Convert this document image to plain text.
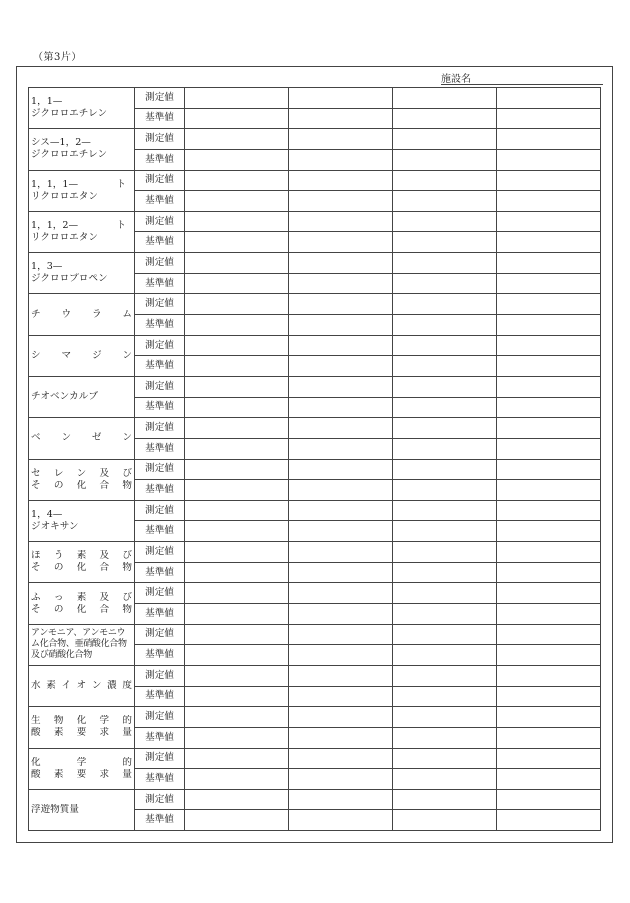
（第3片）
施設名
1，1—
ジクロロエチレン	測定値				
	基準値				

シス—1，2—
ジクロロエチレン	測定値				
	基準値				

1，1，1—　　　　ト
リクロロエタン	測定値				
	基準値				

1，1，2—　　　　ト
リクロロエタン	測定値				
	基準値				

1，3—
ジクロロプロペン	測定値				
	基準値				

チウラム	測定値				
	基準値				

シマジン	測定値				
	基準値				

チオベンカルブ	測定値				
	基準値				

ベンゼン	測定値				
	基準値				

セレン及び
その化合物	測定値				
	基準値				

1，4—
ジオキサン	測定値				
	基準値				

ほう素及び
その化合物	測定値				
	基準値				

ふっ素及び
その化合物	測定値				
	基準値				

アンモニア、アンモニウム化合物、亜硝酸化合物及び硝酸化合物	測定値				
	基準値				

水素イオン濃度	測定値				
	基準値				

生物化学的
酸素要求量	測定値				
	基準値				

化学的
酸素要求量	測定値				
	基準値				

浮遊物質量	測定値				
	基準値				
